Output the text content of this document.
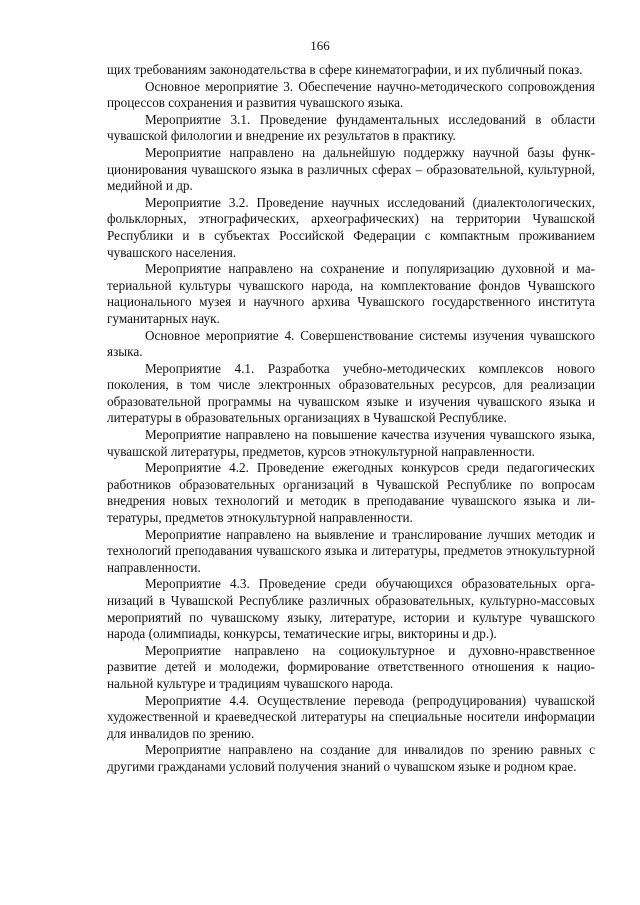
166

щих требованиям законодательства в сфере кинематографии, и их публичный показ.

Основное мероприятие 3. Обеспечение научно-методического сопровождения процессов сохранения и развития чувашского языка.

Мероприятие 3.1. Проведение фундаментальных исследований в области чувашской филологии и внедрение их результатов в практику.

Мероприятие направлено на дальнейшую поддержку научной базы функционирования чувашского языка в различных сферах – образовательной, культурной, медийной и др.

Мероприятие 3.2. Проведение научных исследований (диалектологических, фольклорных, этнографических, археографических) на территории Чувашской Республики и в субъектах Российской Федерации с компактным проживанием чувашского населения.

Мероприятие направлено на сохранение и популяризацию духовной и материальной культуры чувашского народа, на комплектование фондов Чувашского национального музея и научного архива Чувашского государственного института гуманитарных наук.

Основное мероприятие 4. Совершенствование системы изучения чувашского языка.

Мероприятие 4.1. Разработка учебно-методических комплексов нового поколения, в том числе электронных образовательных ресурсов, для реализации образовательной программы на чувашском языке и изучения чувашского языка и литературы в образовательных организациях в Чувашской Республике.

Мероприятие направлено на повышение качества изучения чувашского языка, чувашской литературы, предметов, курсов этнокультурной направленности.

Мероприятие 4.2. Проведение ежегодных конкурсов среди педагогических работников образовательных организаций в Чувашской Республике по вопросам внедрения новых технологий и методик в преподавание чувашского языка и литературы, предметов этнокультурной направленности.

Мероприятие направлено на выявление и транслирование лучших методик и технологий преподавания чувашского языка и литературы, предметов этнокультурной направленности.

Мероприятие 4.3. Проведение среди обучающихся образовательных организаций в Чувашской Республике различных образовательных, культурно-массовых мероприятий по чувашскому языку, литературе, истории и культуре чувашского народа (олимпиады, конкурсы, тематические игры, викторины и др.).

Мероприятие направлено на социокультурное и духовно-нравственное развитие детей и молодежи, формирование ответственного отношения к национальной культуре и традициям чувашского народа.

Мероприятие 4.4. Осуществление перевода (репродуцирования) чувашской художественной и краеведческой литературы на специальные носители информации для инвалидов по зрению.

Мероприятие направлено на создание для инвалидов по зрению равных с другими гражданами условий получения знаний о чувашском языке и родном крае.
